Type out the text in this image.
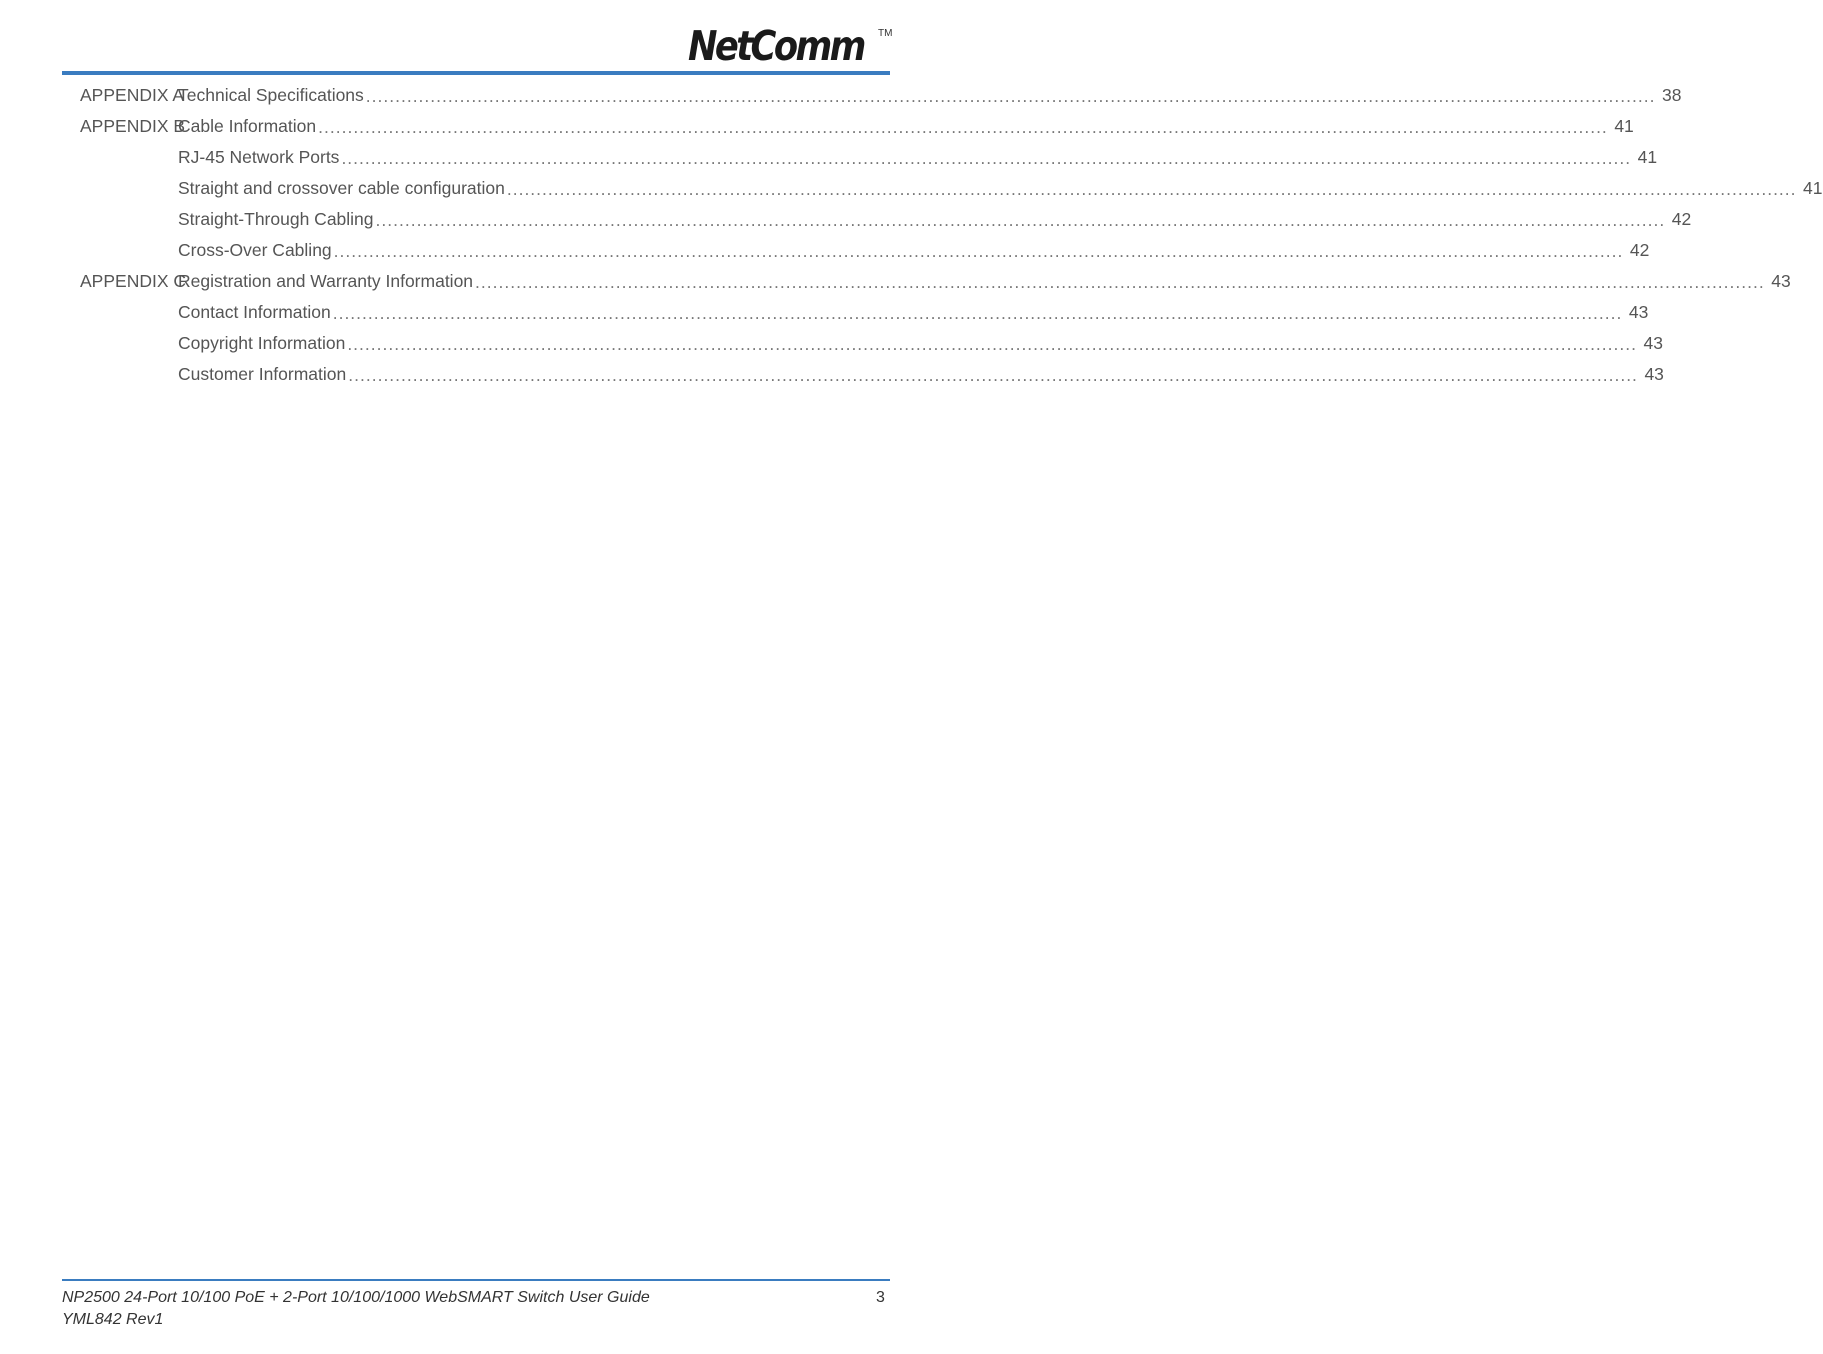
NetComm TM
APPENDIX A
Technical Specifications ............................................................................................................................................................................................................................ 38
APPENDIX B
Cable Information ............................................................................................................................................................................................................................ 41
RJ-45 Network Ports ............................................................................................................................................................................................................................ 41
Straight and crossover cable configuration ............................................................................................................................................................................................................................ 41
Straight-Through Cabling ............................................................................................................................................................................................................................ 42
Cross-Over Cabling ............................................................................................................................................................................................................................ 42
APPENDIX C
Registration and Warranty Information ............................................................................................................................................................................................................................ 43
Contact Information ............................................................................................................................................................................................................................ 43
Copyright Information ............................................................................................................................................................................................................................ 43
Customer Information ............................................................................................................................................................................................................................ 43
NP2500 24-Port 10/100 PoE + 2-Port 10/100/1000 WebSMART Switch User Guide
YML842 Rev1
3
